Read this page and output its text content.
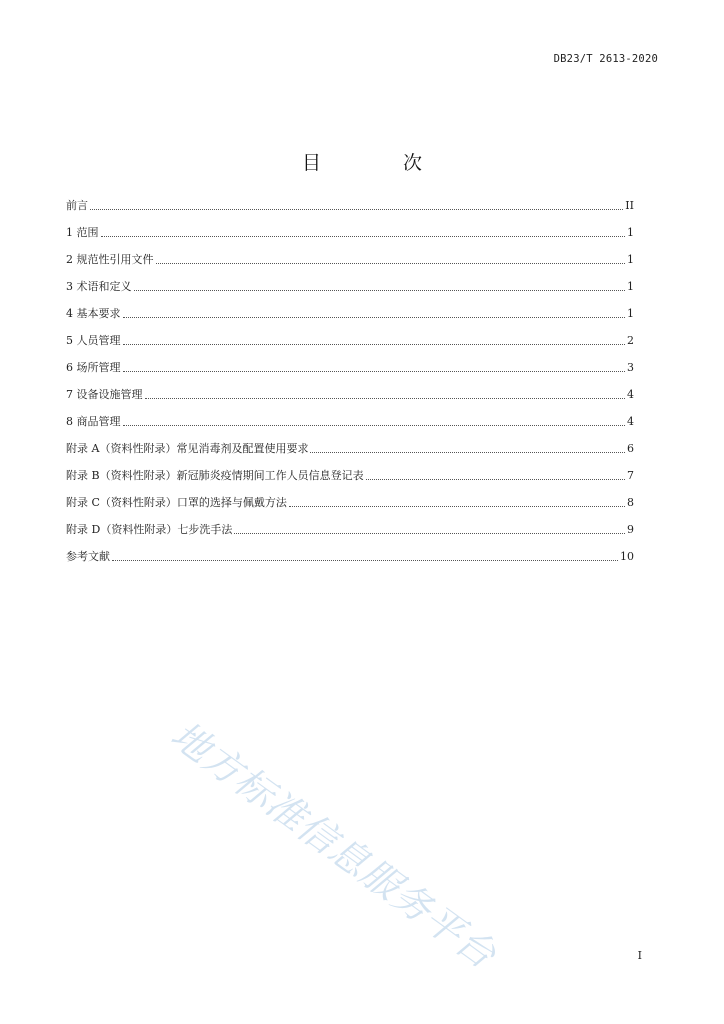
DB23/T 2613-2020
目 次
前言	II
1 范围	1
2 规范性引用文件	1
3 术语和定义	1
4 基本要求	1
5 人员管理	2
6 场所管理	3
7 设备设施管理	4
8 商品管理	4
附录 A（资料性附录）常见消毒剂及配置使用要求	6
附录 B（资料性附录）新冠肺炎疫情期间工作人员信息登记表	7
附录 C（资料性附录）口罩的选择与佩戴方法	8
附录 D（资料性附录）七步洗手法	9
参考文献	10
地方标准信息服务平台	I
